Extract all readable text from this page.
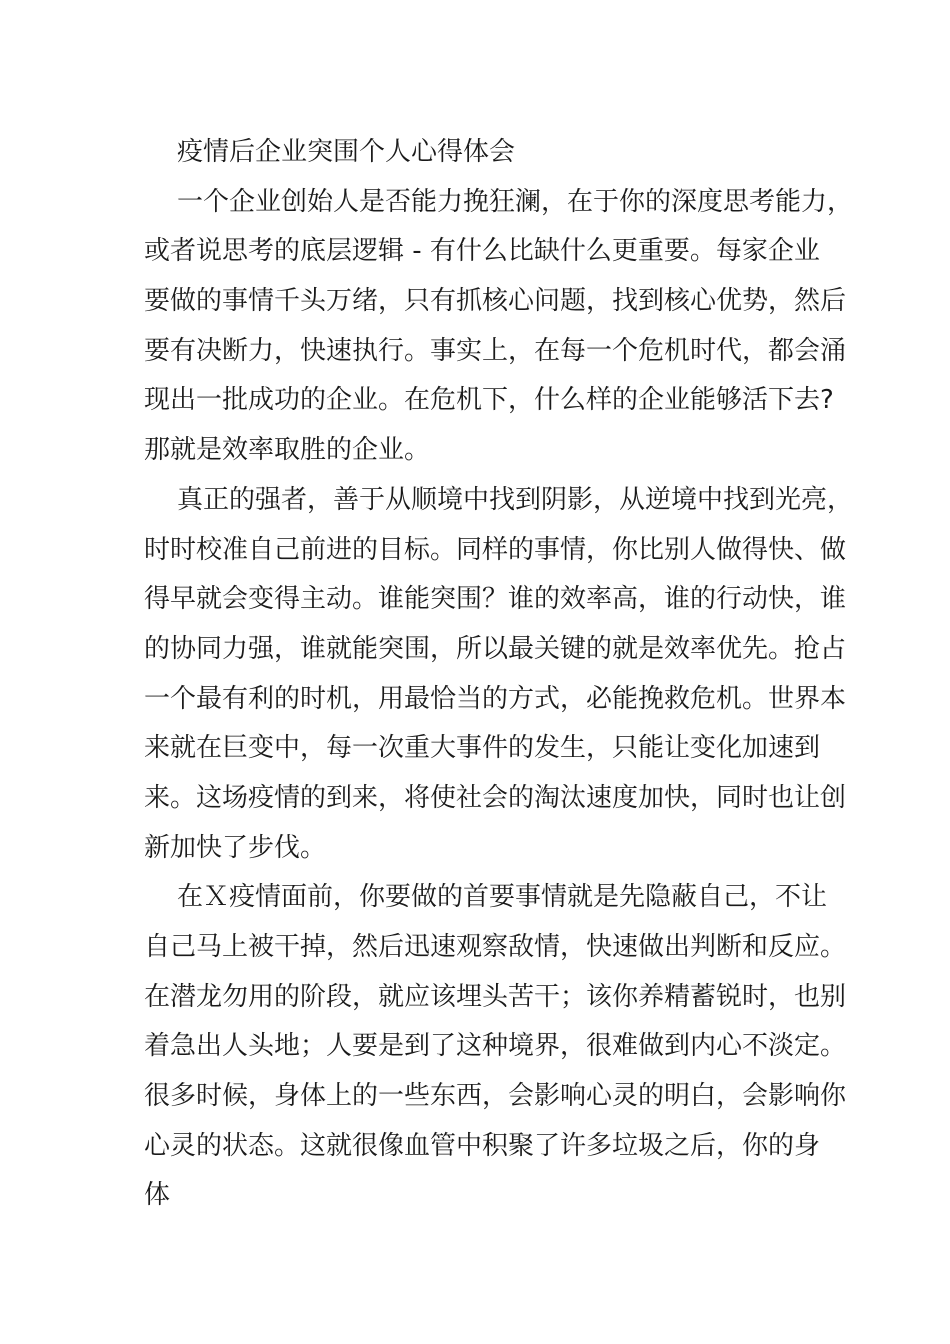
疫情后企业突围个人心得体会
一个企业创始人是否能力挽狂澜，在于你的深度思考能力，
或者说思考的底层逻辑 - 有什么比缺什么更重要。每家企业
要做的事情千头万绪，只有抓核心问题，找到核心优势，然后
要有决断力，快速执行。事实上，在每一个危机时代，都会涌
现出一批成功的企业。在危机下，什么样的企业能够活下去?
那就是效率取胜的企业。
真正的强者，善于从顺境中找到阴影，从逆境中找到光亮，
时时校准自己前进的目标。同样的事情，你比别人做得快、做
得早就会变得主动。谁能突围？谁的效率高，谁的行动快，谁
的协同力强，谁就能突围，所以最关键的就是效率优先。抢占
一个最有利的时机，用最恰当的方式，必能挽救危机。世界本
来就在巨变中，每一次重大事件的发生，只能让变化加速到
来。这场疫情的到来，将使社会的淘汰速度加快，同时也让创
新加快了步伐。
在Ｘ疫情面前，你要做的首要事情就是先隐蔽自己，不让
自己马上被干掉，然后迅速观察敌情，快速做出判断和反应。
在潜龙勿用的阶段，就应该埋头苦干；该你养精蓄锐时，也别
着急出人头地；人要是到了这种境界，很难做到内心不淡定。
很多时候，身体上的一些东西，会影响心灵的明白，会影响你
心灵的状态。这就很像血管中积聚了许多垃圾之后，你的身
体
